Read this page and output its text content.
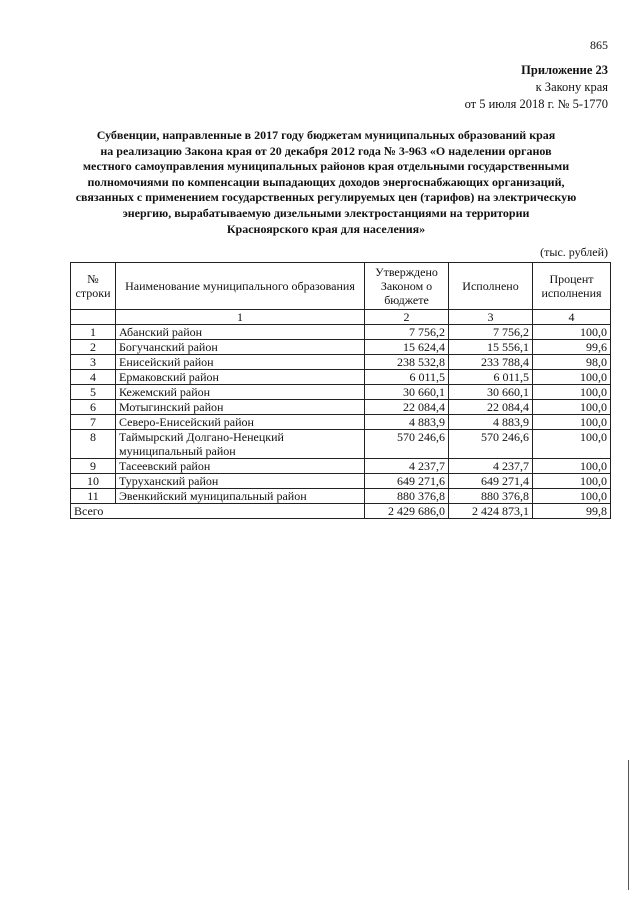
865
Приложение 23
к Закону края
от 5 июля 2018 г. № 5-1770
Субвенции, направленные в 2017 году бюджетам муниципальных образований края
на реализацию Закона края от 20 декабря 2012 года № 3-963 «О наделении органов
местного самоуправления муниципальных районов края отдельными государственными
полномочиями по компенсации выпадающих доходов энергоснабжающих организаций,
связанных с применением государственных регулируемых цен (тарифов) на электрическую
энергию, вырабатываемую дизельными электростанциями на территории
Красноярского края для населения»
(тыс. рублей)
№ строки	Наименование муниципального образования	Утверждено Законом о бюджете	Исполнено	Процент исполнения
	1	2	3	4
1	Абанский район	7 756,2	7 756,2	100,0
2	Богучанский район	15 624,4	15 556,1	99,6
3	Енисейский район	238 532,8	233 788,4	98,0
4	Ермаковский район	6 011,5	6 011,5	100,0
5	Кежемский район	30 660,1	30 660,1	100,0
6	Мотыгинский район	22 084,4	22 084,4	100,0
7	Северо-Енисейский район	4 883,9	4 883,9	100,0
8	Таймырский Долгано-Ненецкий муниципальный район	570 246,6	570 246,6	100,0
9	Тасеевский район	4 237,7	4 237,7	100,0
10	Туруханский район	649 271,6	649 271,4	100,0
11	Эвенкийский муниципальный район	880 376,8	880 376,8	100,0
Всего		2 429 686,0	2 424 873,1	99,8
